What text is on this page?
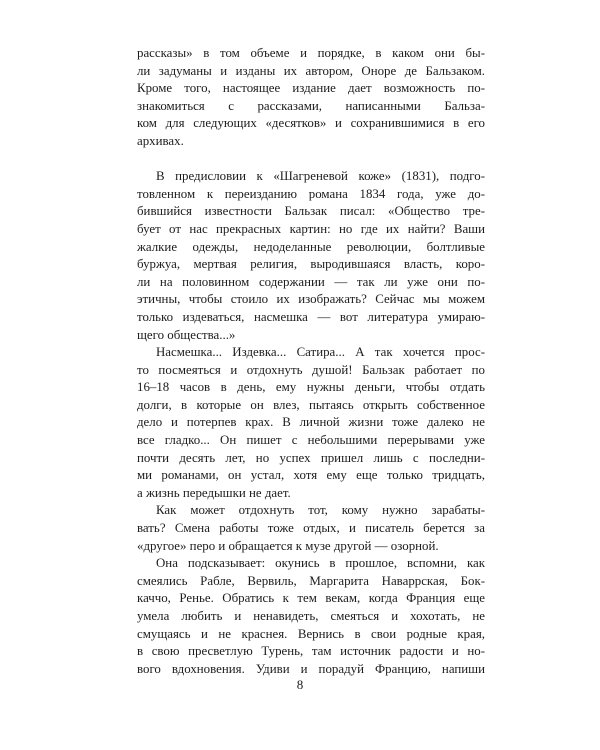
рассказы» в том объеме и порядке, в каком они бы-
ли задуманы и изданы их автором, Оноре де Бальзаком.
Кроме того, настоящее издание дает возможность по-
знакомиться с рассказами, написанными Бальза-
ком для следующих «десятков» и сохранившимися в его
архивах.
В предисловии к «Шагреневой коже» (1831), подго-
товленном к переизданию романа 1834 года, уже до-
бившийся известности Бальзак писал: «Общество тре-
бует от нас прекрасных картин: но где их найти? Ваши
жалкие одежды, недоделанные революции, болтливые
буржуа, мертвая религия, выродившаяся власть, коро-
ли на половинном содержании — так ли уже они по-
этичны, чтобы стоило их изображать? Сейчас мы можем
только издеваться, насмешка — вот литература умираю-
щего общества...»
Насмешка... Издевка... Сатира... А так хочется прос-
то посмеяться и отдохнуть душой! Бальзак работает по
16–18 часов в день, ему нужны деньги, чтобы отдать
долги, в которые он влез, пытаясь открыть собственное
дело и потерпев крах. В личной жизни тоже далеко не
все гладко... Он пишет с небольшими перерывами уже
почти десять лет, но успех пришел лишь с последни-
ми романами, он устал, хотя ему еще только тридцать,
а жизнь передышки не дает.
Как может отдохнуть тот, кому нужно зарабаты-
вать? Смена работы тоже отдых, и писатель берется за
«другое» перо и обращается к музе другой — озорной.
Она подсказывает: окунись в прошлое, вспомни, как
смеялись Рабле, Вервиль, Маргарита Наваррская, Бок-
каччо, Ренье. Обратись к тем векам, когда Франция еще
умела любить и ненавидеть, смеяться и хохотать, не
смущаясь и не краснея. Вернись в свои родные края,
в свою пресветлую Турень, там источник радости и но-
вого вдохновения. Удиви и порадуй Францию, напиши
8
